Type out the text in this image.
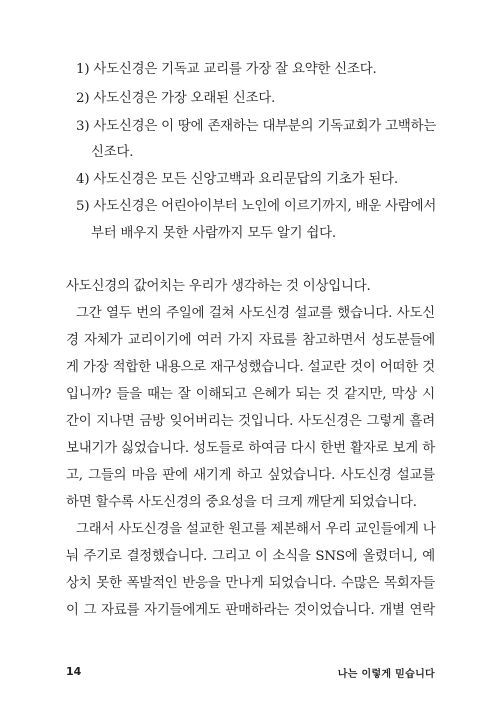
1) 사도신경은 기독교 교리를 가장 잘 요약한 신조다.
2) 사도신경은 가장 오래된 신조다.
3) 사도신경은 이 땅에 존재하는 대부분의 기독교회가 고백하는
신조다.
4) 사도신경은 모든 신앙고백과 요리문답의 기초가 된다.
5) 사도신경은 어린아이부터 노인에 이르기까지, 배운 사람에서
부터 배우지 못한 사람까지 모두 알기 쉽다.
사도신경의 값어치는 우리가 생각하는 것 이상입니다.
그간 열두 번의 주일에 걸쳐 사도신경 설교를 했습니다. 사도신
경 자체가 교리이기에 여러 가지 자료를 참고하면서 성도분들에
게 가장 적합한 내용으로 재구성했습니다. 설교란 것이 어떠한 것
입니까? 들을 때는 잘 이해되고 은혜가 되는 것 같지만, 막상 시
간이 지나면 금방 잊어버리는 것입니다. 사도신경은 그렇게 흘려
보내기가 싫었습니다. 성도들로 하여금 다시 한번 활자로 보게 하
고, 그들의 마음 판에 새기게 하고 싶었습니다. 사도신경 설교를
하면 할수록 사도신경의 중요성을 더 크게 깨닫게 되었습니다.
그래서 사도신경을 설교한 원고를 제본해서 우리 교인들에게 나
눠 주기로 결정했습니다. 그리고 이 소식을 SNS에 올렸더니, 예
상치 못한 폭발적인 반응을 만나게 되었습니다. 수많은 목회자들
이 그 자료를 자기들에게도 판매하라는 것이었습니다. 개별 연락
14	나는 이렇게 믿습니다
